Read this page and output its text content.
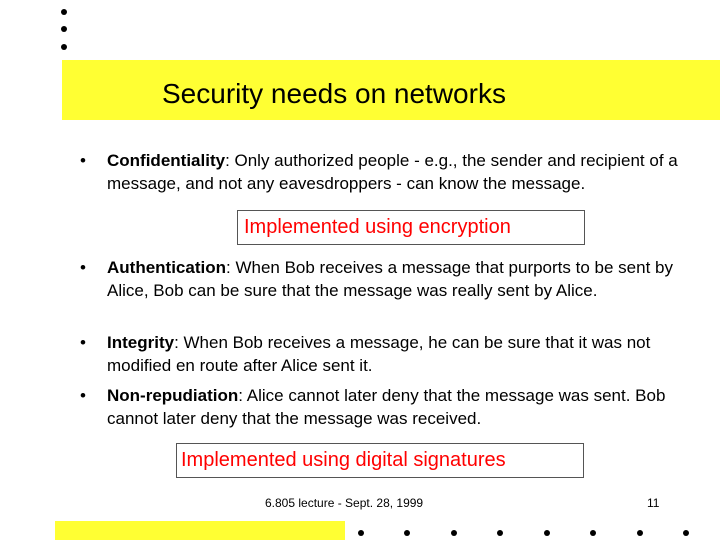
Security needs on networks
• Confidentiality: Only authorized people - e.g., the sender and recipient of a message, and not any eavesdroppers - can know the message.
Implemented using encryption
• Authentication: When Bob receives a message that purports to be sent by Alice, Bob can be sure that the message was really sent by Alice.
• Integrity: When Bob receives a message, he can be sure that it was not modified en route after Alice sent it.
• Non-repudiation: Alice cannot later deny that the message was sent. Bob cannot later deny that the message was received.
Implemented using digital signatures
6.805 lecture - Sept. 28, 1999	11
